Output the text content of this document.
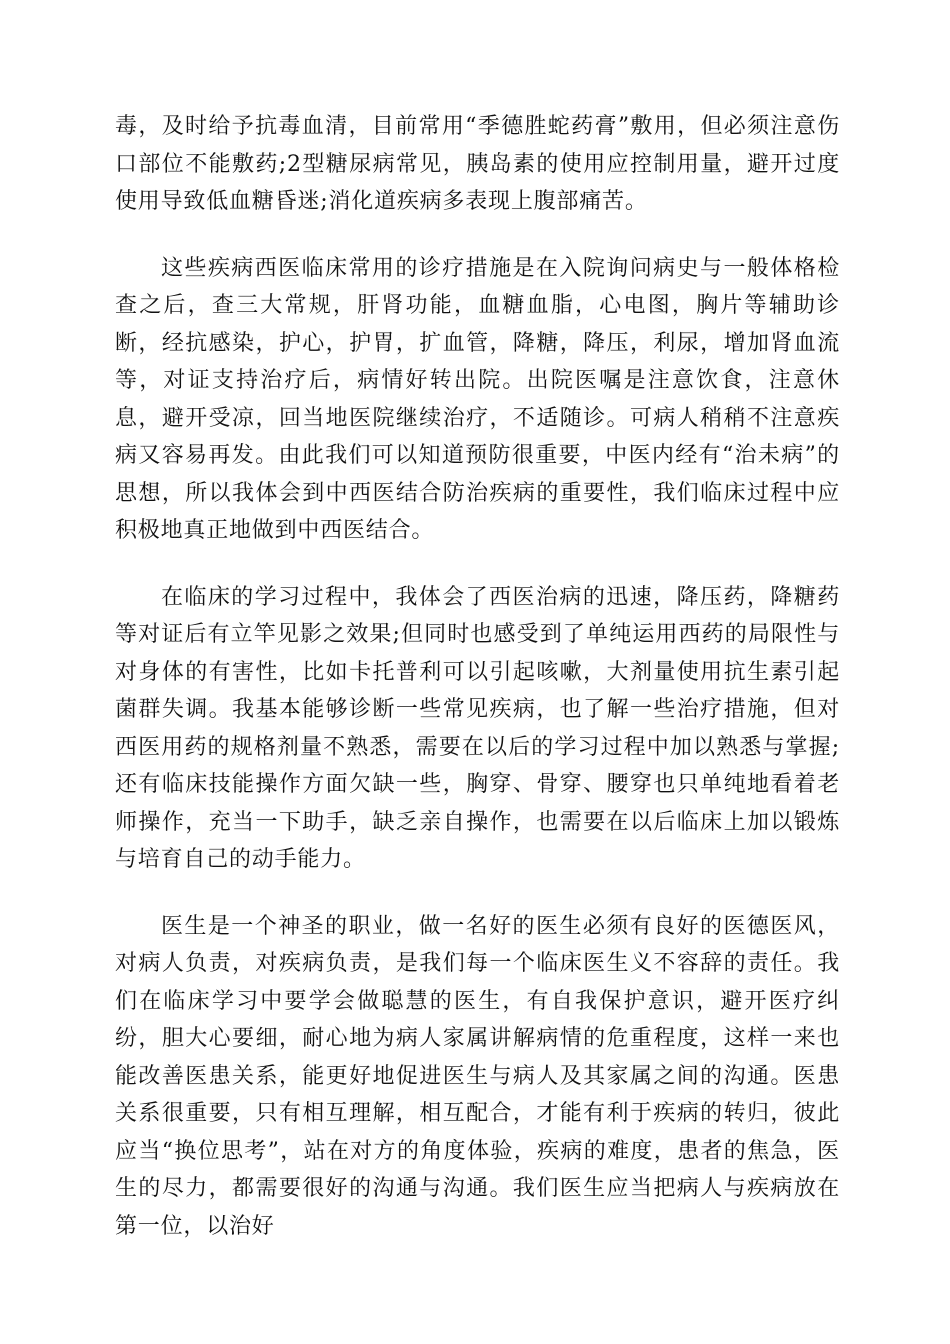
毒，及时给予抗毒血清，目前常用“季德胜蛇药膏”敷用，但必须注意伤口部位不能敷药;2型糖尿病常见，胰岛素的使用应控制用量，避开过度使用导致低血糖昏迷;消化道疾病多表现上腹部痛苦。

这些疾病西医临床常用的诊疗措施是在入院询问病史与一般体格检查之后，查三大常规，肝肾功能，血糖血脂，心电图，胸片等辅助诊断，经抗感染，护心，护胃，扩血管，降糖，降压，利尿，增加肾血流等，对证支持治疗后，病情好转出院。出院医嘱是注意饮食，注意休息，避开受凉，回当地医院继续治疗，不适随诊。可病人稍稍不注意疾病又容易再发。由此我们可以知道预防很重要，中医内经有“治未病”的思想，所以我体会到中西医结合防治疾病的重要性，我们临床过程中应积极地真正地做到中西医结合。

在临床的学习过程中，我体会了西医治病的迅速，降压药，降糖药等对证后有立竿见影之效果;但同时也感受到了单纯运用西药的局限性与对身体的有害性，比如卡托普利可以引起咳嗽，大剂量使用抗生素引起菌群失调。我基本能够诊断一些常见疾病，也了解一些治疗措施，但对西医用药的规格剂量不熟悉，需要在以后的学习过程中加以熟悉与掌握;还有临床技能操作方面欠缺一些，胸穿、骨穿、腰穿也只单纯地看着老师操作，充当一下助手，缺乏亲自操作，也需要在以后临床上加以锻炼与培育自己的动手能力。

医生是一个神圣的职业，做一名好的医生必须有良好的医德医风，对病人负责，对疾病负责，是我们每一个临床医生义不容辞的责任。我们在临床学习中要学会做聪慧的医生，有自我保护意识，避开医疗纠纷，胆大心要细，耐心地为病人家属讲解病情的危重程度，这样一来也能改善医患关系，能更好地促进医生与病人及其家属之间的沟通。医患关系很重要，只有相互理解，相互配合，才能有利于疾病的转归，彼此应当“换位思考”，站在对方的角度体验，疾病的难度，患者的焦急，医生的尽力，都需要很好的沟通与沟通。我们医生应当把病人与疾病放在第一位，以治好
